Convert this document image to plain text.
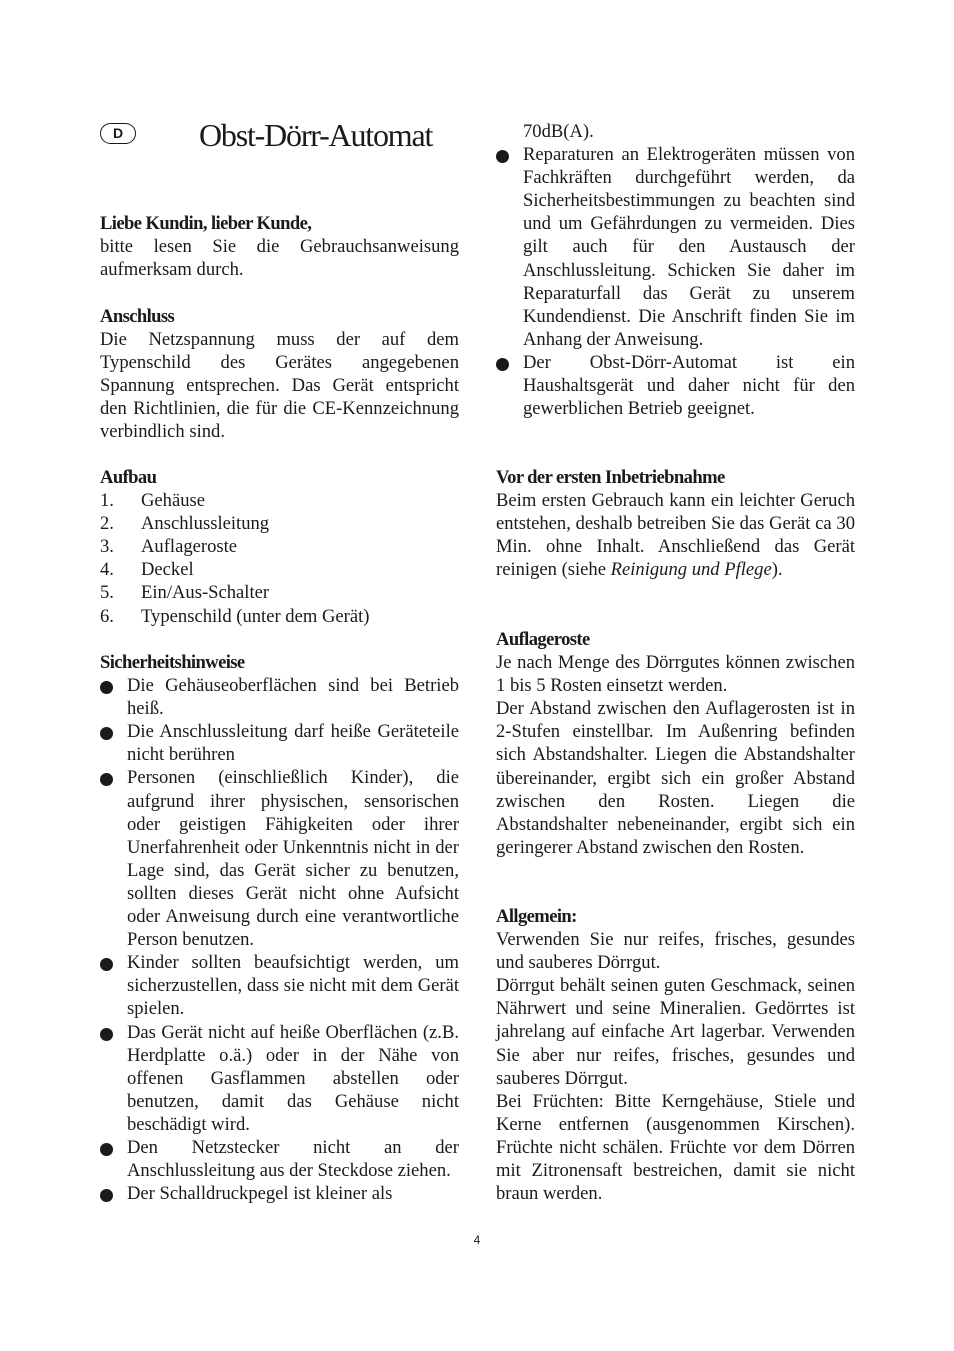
D	Obst-Dörr-Automat

Liebe Kundin, lieber Kunde,

bitte lesen Sie die Gebrauchsanweisung aufmerksam durch.

Anschluss

Die Netzspannung muss der auf dem Typenschild des Gerätes angegebenen Spannung entsprechen. Das Gerät entspricht den Richtlinien, die für die CE-Kennzeichnung verbindlich sind.

Aufbau

1. Gehäuse
2. Anschlussleitung
3. Auflageroste
4. Deckel
5. Ein/Aus-Schalter
6. Typenschild (unter dem Gerät)

Sicherheitshinweise

Die Gehäuseoberflächen sind bei Betrieb heiß.
Die Anschlussleitung darf heiße Geräteteile nicht berühren
Personen (einschließlich Kinder), die aufgrund ihrer physischen, sensorischen oder geistigen Fähigkeiten oder ihrer Unerfahrenheit oder Unkenntnis nicht in der Lage sind, das Gerät sicher zu benutzen, sollten dieses Gerät nicht ohne Aufsicht oder Anweisung durch eine verantwortliche Person benutzen.
Kinder sollten beaufsichtigt werden, um sicherzustellen, dass sie nicht mit dem Gerät spielen.
Das Gerät nicht auf heiße Oberflächen (z.B. Herdplatte o.ä.) oder in der Nähe von offenen Gasflammen abstellen oder benutzen, damit das Gehäuse nicht beschädigt wird.
Den Netzstecker nicht an der Anschlussleitung aus der Steckdose ziehen.
Der Schalldruckpegel ist kleiner als

70dB(A).

Reparaturen an Elektrogeräten müssen von Fachkräften durchgeführt werden, da Sicherheitsbestimmungen zu beachten sind und um Gefährdungen zu vermeiden. Dies gilt auch für den Austausch der Anschlussleitung. Schicken Sie daher im Reparaturfall das Gerät zu unserem Kundendienst. Die Anschrift finden Sie im Anhang der Anweisung.
Der Obst-Dörr-Automat ist ein Haushaltsgerät und daher nicht für den gewerblichen Betrieb geeignet.

Vor der ersten Inbetriebnahme

Beim ersten Gebrauch kann ein leichter Geruch entstehen, deshalb betreiben Sie das Gerät ca 30 Min. ohne Inhalt. Anschließend das Gerät reinigen (siehe Reinigung und Pflege).

Auflageroste

Je nach Menge des Dörrgutes können zwischen 1 bis 5 Rosten einsetzt werden.

Der Abstand zwischen den Auflagerosten ist in 2-Stufen einstellbar. Im Außenring befinden sich Abstandshalter. Liegen die Abstandshalter übereinander, ergibt sich ein großer Abstand zwischen den Rosten. Liegen die Abstandshalter nebeneinander, ergibt sich ein geringerer Abstand zwischen den Rosten.

Allgemein:

Verwenden Sie nur reifes, frisches, gesundes und sauberes Dörrgut.

Dörrgut behält seinen guten Geschmack, seinen Nährwert und seine Mineralien. Gedörrtes ist jahrelang auf einfache Art lagerbar. Verwenden Sie aber nur reifes, frisches, gesundes und sauberes Dörrgut.

Bei Früchten: Bitte Kerngehäuse, Stiele und Kerne entfernen (ausgenommen Kirschen). Früchte nicht schälen. Früchte vor dem Dörren mit Zitronensaft bestreichen, damit sie nicht braun werden.

4
